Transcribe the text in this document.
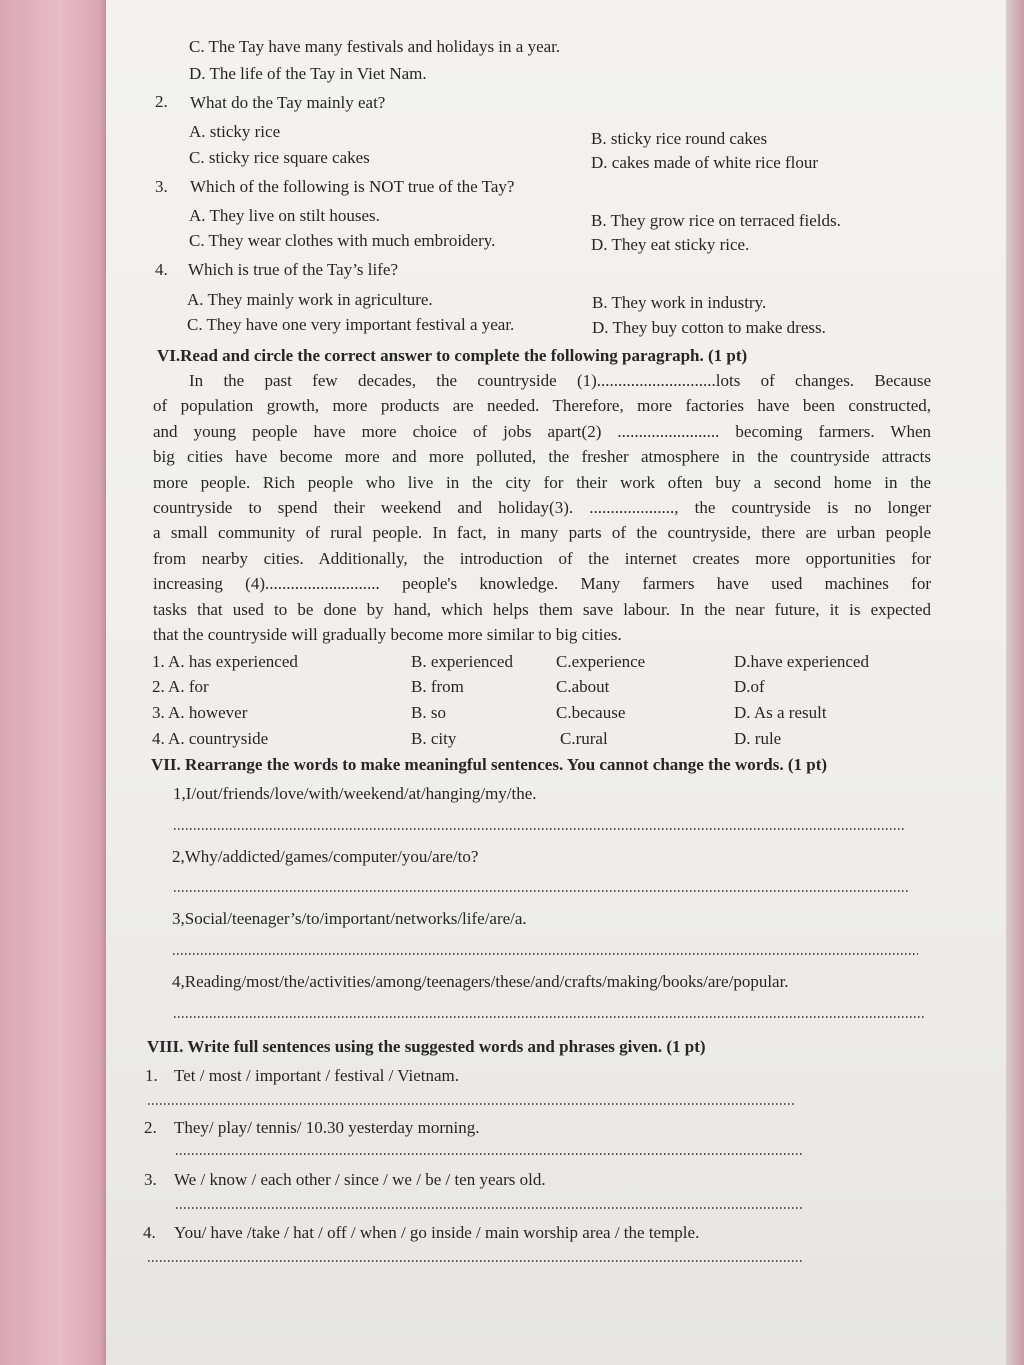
C. The Tay have many festivals and holidays in a year.
D. The life of the Tay in Viet Nam.
2. What do the Tay mainly eat?
A. sticky rice	B. sticky rice round cakes
C. sticky rice square cakes	D. cakes made of white rice flour
3. Which of the following is NOT true of the Tay?
A. They live on stilt houses.	B. They grow rice on terraced fields.
C. They wear clothes with much embroidery.	D. They eat sticky rice.
4. Which is true of the Tay’s life?
A. They mainly work in agriculture.	B. They work in industry.
C. They have one very important festival a year.	D. They buy cotton to make dress.
VI.Read and circle the correct answer to complete the following paragraph. (1 pt)
In the past few decades, the countryside (1)............................lots of changes. Because
of population growth, more products are needed. Therefore, more factories have been constructed,
and young people have more choice of jobs apart(2) ........................ becoming farmers. When
big cities have become more and more polluted, the fresher atmosphere in the countryside attracts
more people. Rich people who live in the city for their work often buy a second home in the
countryside to spend their weekend and holiday(3). ...................., the countryside is no longer
a small community of rural people. In fact, in many parts of the countryside, there are urban people
from nearby cities. Additionally, the introduction of the internet creates more opportunities for
increasing (4)........................... people's knowledge. Many farmers have used machines for
tasks that used to be done by hand, which helps them save labour. In the near future, it is expected
that the countryside will gradually become more similar to big cities.
1. A. has experienced	B. experienced	C.experience	D.have experienced
2. A. for	B. from	C.about	D.of
3. A. however	B. so	C.because	D. As a result
4. A. countryside	B. city	C.rural	D. rule
VII. Rearrange the words to make meaningful sentences. You cannot change the words. (1 pt)
1,I/out/friends/love/with/weekend/at/hanging/my/the.
2,Why/addicted/games/computer/you/are/to?
3,Social/teenager’s/to/important/networks/life/are/a.
4,Reading/most/the/activities/among/teenagers/these/and/crafts/making/books/are/popular.
VIII. Write full sentences using the suggested words and phrases given. (1 pt)
1. Tet / most / important / festival / Vietnam.
2. They/ play/ tennis/ 10.30 yesterday morning.
3. We / know / each other / since / we / be / ten years old.
4. You/ have /take / hat / off / when / go inside / main worship area / the temple.
